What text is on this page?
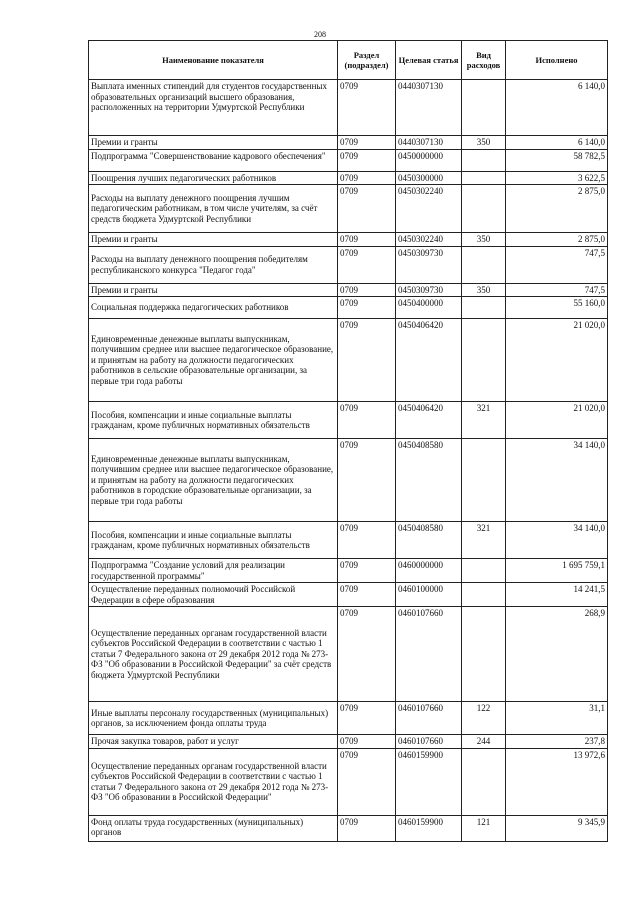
208
Наименование показателя	Раздел (подраздел)	Целевая статья	Вид расходов	Исполнено
Выплата именных стипендий для студентов государственных образовательных организаций высшего образования, расположенных на территории Удмуртской Республики	0709	0440307130		6 140,0
Премии и гранты	0709	0440307130	350	6 140,0
Подпрограмма "Совершенствование кадрового обеспечения"	0709	0450000000		58 782,5
Поощрения лучших педагогических работников	0709	0450300000		3 622,5
Расходы на выплату денежного поощрения лучшим педагогическим работникам, в том числе учителям, за счёт средств бюджета Удмуртской Республики	0709	0450302240		2 875,0
Премии и гранты	0709	0450302240	350	2 875,0
Расходы на выплату денежного поощрения победителям республиканского конкурса "Педагог года"	0709	0450309730		747,5
Премии и гранты	0709	0450309730	350	747,5
Социальная поддержка педагогических работников	0709	0450400000		55 160,0
Единовременные денежные выплаты выпускникам, получившим среднее или высшее педагогическое образование, и принятым на работу на должности педагогических работников в сельские образовательные организации, за первые три года работы	0709	0450406420		21 020,0
Пособия, компенсации и иные социальные выплаты гражданам, кроме публичных нормативных обязательств	0709	0450406420	321	21 020,0
Единовременные денежные выплаты выпускникам, получившим среднее или высшее педагогическое образование, и принятым на работу на должности педагогических работников в городские образовательные организации, за первые три года работы	0709	0450408580		34 140,0
Пособия, компенсации и иные социальные выплаты гражданам, кроме публичных нормативных обязательств	0709	0450408580	321	34 140,0
Подпрограмма "Создание условий для реализации государственной программы"	0709	0460000000		1 695 759,1
Осуществление переданных полномочий Российской Федерации в сфере образования	0709	0460100000		14 241,5
Осуществление переданных органам государственной власти субъектов Российской Федерации в соответствии с частью 1 статьи 7 Федерального закона от 29 декабря 2012 года № 273-ФЗ "Об образовании в Российской Федерации" за счёт средств бюджета Удмуртской Республики	0709	0460107660		268,9
Иные выплаты персоналу государственных (муниципальных) органов, за исключением фонда оплаты труда	0709	0460107660	122	31,1
Прочая закупка товаров, работ и услуг	0709	0460107660	244	237,8
Осуществление переданных органам государственной власти субъектов Российской Федерации в соответствии с частью 1 статьи 7 Федерального закона от 29 декабря 2012 года № 273-ФЗ "Об образовании в Российской Федерации"	0709	0460159900		13 972,6
Фонд оплаты труда государственных (муниципальных) органов	0709	0460159900	121	9 345,9
